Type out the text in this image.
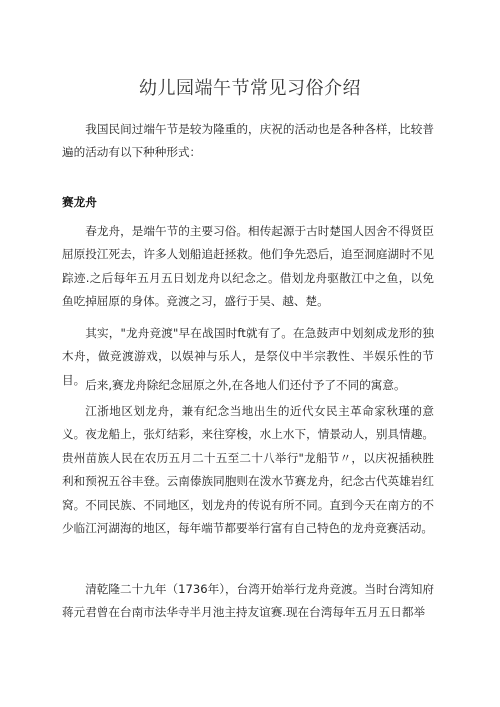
幼儿园端午节常见习俗介绍

我国民间过端午节是较为隆重的，庆祝的活动也是各种各样，比较普遍的活动有以下种种形式：

赛龙舟

春龙舟，是端午节的主要习俗。相传起源于古时楚国人因舍不得贤臣屈原投江死去，许多人划船追赶拯救。他们争先恐后，追至洞庭湖时不见踪迹.之后每年五月五日划龙舟以纪念之。借划龙舟驱散江中之鱼，以免鱼吃掉屈原的身体。竞渡之习，盛行于吴、越、楚。

其实，"龙舟竞渡"早在战国时ft就有了。在急鼓声中划刻成龙形的独木舟，做竞渡游戏，以娱神与乐人，是祭仪中半宗教性、半娱乐性的节目。 后来,赛龙舟除纪念屈原之外,在各地人们还付予了不同的寓意。

江浙地区划龙舟，兼有纪念当地出生的近代女民主革命家秋瑾的意义。夜龙船上，张灯结彩，来往穿梭，水上水下，情景动人，别具情趣。贵州苗族人民在农历五月二十五至二十八举行"龙船节〃，以庆祝插秧胜利和预祝五谷丰登。云南傣族同胞则在泼水节赛龙舟，纪念古代英雄岩红窝。不同民族、不同地区，划龙舟的传说有所不同。直到今天在南方的不少临江河湖海的地区，每年端节都要举行富有自己特色的龙舟竞赛活动。

清乾隆二十九年（1736年），台湾开始举行龙舟竞渡。当时台湾知府蒋元君曾在台南市法华寺半月池主持友谊赛.现在台湾每年五月五日都举
